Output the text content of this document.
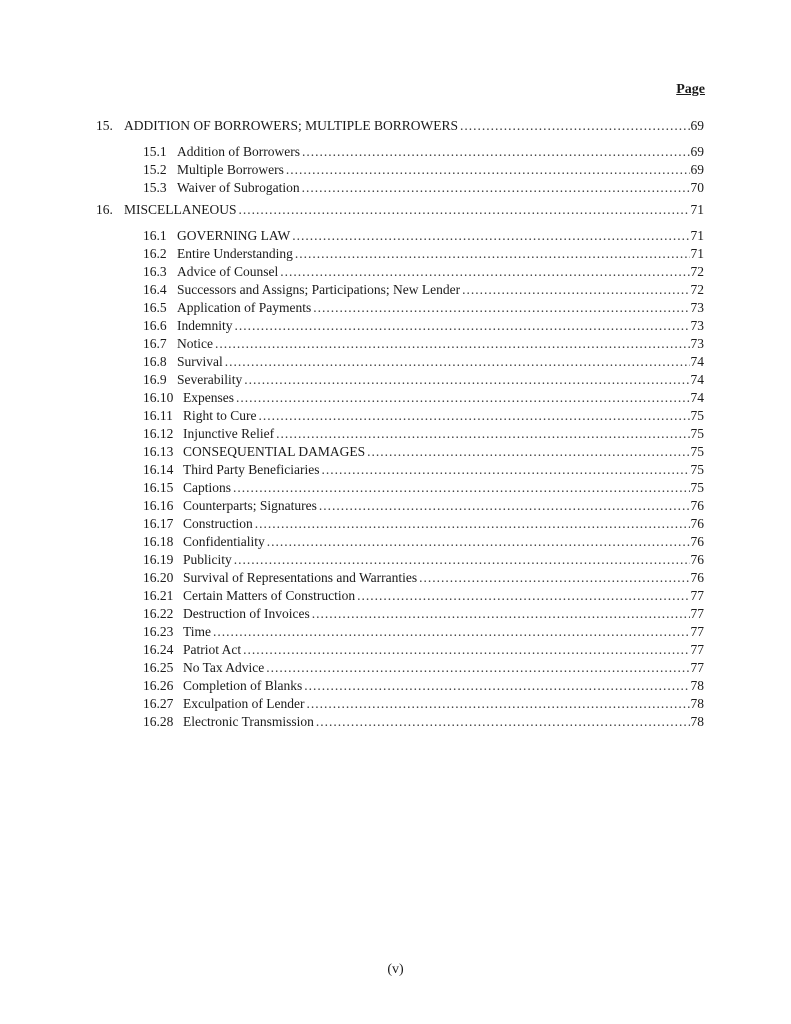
Page
15. ADDITION OF BORROWERS; MULTIPLE BORROWERS .....	69
15.1 Addition of Borrowers .....	69
15.2 Multiple Borrowers .....	69
15.3 Waiver of Subrogation .....	70
16. MISCELLANEOUS .....	71
16.1 GOVERNING LAW .....	71
16.2 Entire Understanding .....	71
16.3 Advice of Counsel .....	72
16.4 Successors and Assigns; Participations; New Lender .....	72
16.5 Application of Payments .....	73
16.6 Indemnity .....	73
16.7 Notice .....	73
16.8 Survival .....	74
16.9 Severability .....	74
16.10 Expenses .....	74
16.11 Right to Cure .....	75
16.12 Injunctive Relief .....	75
16.13 CONSEQUENTIAL DAMAGES .....	75
16.14 Third Party Beneficiaries .....	75
16.15 Captions .....	75
16.16 Counterparts; Signatures .....	76
16.17 Construction .....	76
16.18 Confidentiality .....	76
16.19 Publicity .....	76
16.20 Survival of Representations and Warranties .....	76
16.21 Certain Matters of Construction .....	77
16.22 Destruction of Invoices .....	77
16.23 Time .....	77
16.24 Patriot Act .....	77
16.25 No Tax Advice .....	77
16.26 Completion of Blanks .....	78
16.27 Exculpation of Lender .....	78
16.28 Electronic Transmission .....	78
(v)
